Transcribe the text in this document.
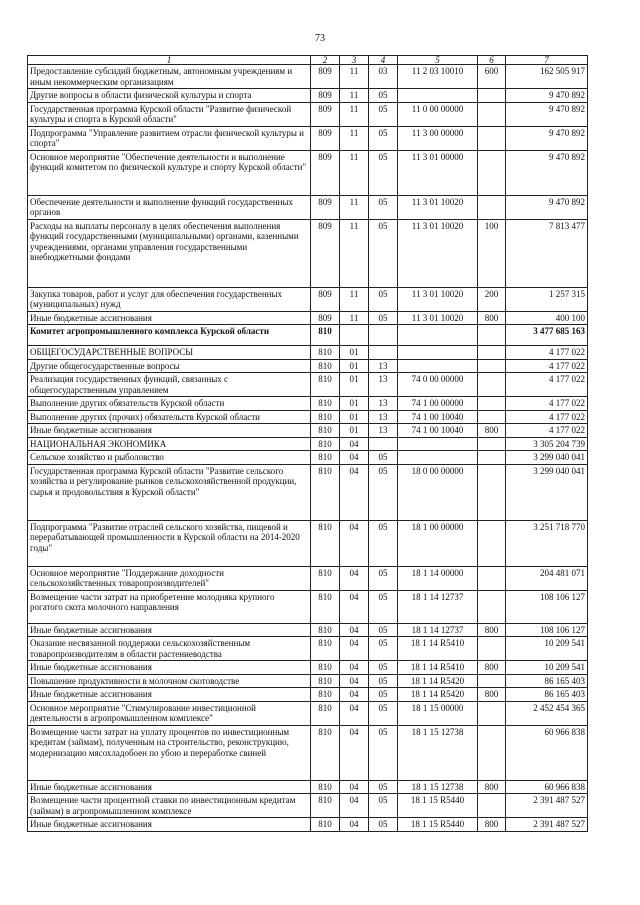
73
1	2	3	4	5	6	7
Предоставление субсидий бюджетным, автономным учреждениям и иным некоммерческим организациям	809	11	03	11 2 03 10010	600	162 505 917
Другие вопросы в области физической культуры и спорта	809	11	05			9 470 892
Государственная программа Курской области "Развитие физической культуры и спорта в Курской области"	809	11	05	11 0 00 00000		9 470 892
Подпрограмма "Управление развитием отрасли физической культуры и спорта"	809	11	05	11 3 00 00000		9 470 892
Основное мероприятие "Обеспечение деятельности и выполнение функций комитетом по физической культуре и спорту Курской области"	809	11	05	11 3 01 00000		9 470 892
Обеспечение деятельности и выполнение функций государственных органов	809	11	05	11 3 01 10020		9 470 892
Расходы на выплаты персоналу в целях обеспечения выполнения функций государственными (муниципальными) органами, казенными учреждениями, органами управления государственными внебюджетными фондами	809	11	05	11 3 01 10020	100	7 813 477
Закупка товаров, работ и услуг для обеспечения государственных (муниципальных) нужд	809	11	05	11 3 01 10020	200	1 257 315
Иные бюджетные ассигнования	809	11	05	11 3 01 10020	800	400 100
Комитет агропромышленного комплекса Курской области	810					3 477 685 163
ОБЩЕГОСУДАРСТВЕННЫЕ ВОПРОСЫ	810	01				4 177 022
Другие общегосударственные вопросы	810	01	13			4 177 022
Реализация государственных функций, связанных с общегосударственным управлением	810	01	13	74 0 00 00000		4 177 022
Выполнение других обязательств Курской области	810	01	13	74 1 00 00000		4 177 022
Выполнение других (прочих) обязательств Курской области	810	01	13	74 1 00 10040		4 177 022
Иные бюджетные ассигнования	810	01	13	74 1 00 10040	800	4 177 022
НАЦИОНАЛЬНАЯ ЭКОНОМИКА	810	04				3 305 204 739
Сельское хозяйство и рыболовство	810	04	05			3 299 040 041
Государственная программа Курской области "Развитие сельского хозяйства и регулирование рынков сельскохозяйственной продукции, сырья и продовольствия в Курской области"	810	04	05	18 0 00 00000		3 299 040 041
Подпрограмма "Развитие отраслей сельского хозяйства, пищевой и перерабатывающей промышленности в Курской области на 2014-2020 годы"	810	04	05	18 1 00 00000		3 251 718 770
Основное мероприятие "Поддержание доходности сельскохозяйственных товаропроизводителей"	810	04	05	18 1 14 00000		204 481 071
Возмещение части затрат на приобретение молодняка крупного рогатого скота молочного направления	810	04	05	18 1 14 12737		108 106 127
Иные бюджетные ассигнования	810	04	05	18 1 14 12737	800	108 106 127
Оказание несвязанной поддержки сельскохозяйственным товаропроизводителям в области растениеводства	810	04	05	18 1 14 R5410		10 209 541
Иные бюджетные ассигнования	810	04	05	18 1 14 R5410	800	10 209 541
Повышение продуктивности в молочном скотоводстве	810	04	05	18 1 14 R5420		86 165 403
Иные бюджетные ассигнования	810	04	05	18 1 14 R5420	800	86 165 403
Основное мероприятие "Стимулирование инвестиционной деятельности в агропромышленном комплексе"	810	04	05	18 1 15 00000		2 452 454 365
Возмещение части затрат на уплату процентов по инвестиционным кредитам (займам), полученным на строительство, реконструкцию, модернизацию мясохладобоен по убою и переработке свиней	810	04	05	18 1 15 12738		60 966 838
Иные бюджетные ассигнования	810	04	05	18 1 15 12738	800	60 966 838
Возмещение части процентной ставки по инвестиционным кредитам (займам) в агропромышленном комплексе	810	04	05	18 1 15 R5440		2 391 487 527
Иные бюджетные ассигнования	810	04	05	18 1 15 R5440	800	2 391 487 527
